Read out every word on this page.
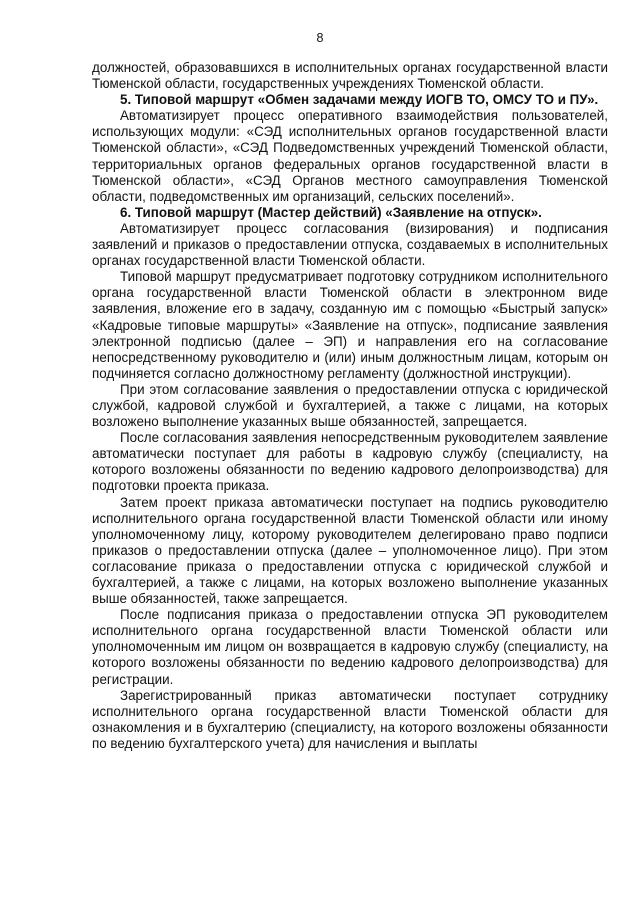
8

должностей, образовавшихся в исполнительных органах государственной власти Тюменской области, государственных учреждениях Тюменской области.

5. Типовой маршрут «Обмен задачами между ИОГВ ТО, ОМСУ ТО и ПУ».

Автоматизирует процесс оперативного взаимодействия пользователей, использующих модули: «СЭД исполнительных органов государственной власти Тюменской области», «СЭД Подведомственных учреждений Тюменской области, территориальных органов федеральных органов государственной власти в Тюменской области», «СЭД Органов местного самоуправления Тюменской области, подведомственных им организаций, сельских поселений».

6. Типовой маршрут (Мастер действий) «Заявление на отпуск».

Автоматизирует процесс согласования (визирования) и подписания заявлений и приказов о предоставлении отпуска, создаваемых в исполнительных органах государственной власти Тюменской области.

Типовой маршрут предусматривает подготовку сотрудником исполнительного органа государственной власти Тюменской области в электронном виде заявления, вложение его в задачу, созданную им с помощью «Быстрый запуск» «Кадровые типовые маршруты» «Заявление на отпуск», подписание заявления электронной подписью (далее – ЭП) и направления его на согласование непосредственному руководителю и (или) иным должностным лицам, которым он подчиняется согласно должностному регламенту (должностной инструкции).

При этом согласование заявления о предоставлении отпуска с юридической службой, кадровой службой и бухгалтерией, а также с лицами, на которых возложено выполнение указанных выше обязанностей, запрещается.

После согласования заявления непосредственным руководителем заявление автоматически поступает для работы в кадровую службу (специалисту, на которого возложены обязанности по ведению кадрового делопроизводства) для подготовки проекта приказа.

Затем проект приказа автоматически поступает на подпись руководителю исполнительного органа государственной власти Тюменской области или иному уполномоченному лицу, которому руководителем делегировано право подписи приказов о предоставлении отпуска (далее – уполномоченное лицо). При этом согласование приказа о предоставлении отпуска с юридической службой и бухгалтерией, а также с лицами, на которых возложено выполнение указанных выше обязанностей, также запрещается.

После подписания приказа о предоставлении отпуска ЭП руководителем исполнительного органа государственной власти Тюменской области или уполномоченным им лицом он возвращается в кадровую службу (специалисту, на которого возложены обязанности по ведению кадрового делопроизводства) для регистрации.

Зарегистрированный приказ автоматически поступает сотруднику исполнительного органа государственной власти Тюменской области для ознакомления и в бухгалтерию (специалисту, на которого возложены обязанности по ведению бухгалтерского учета) для начисления и выплаты
